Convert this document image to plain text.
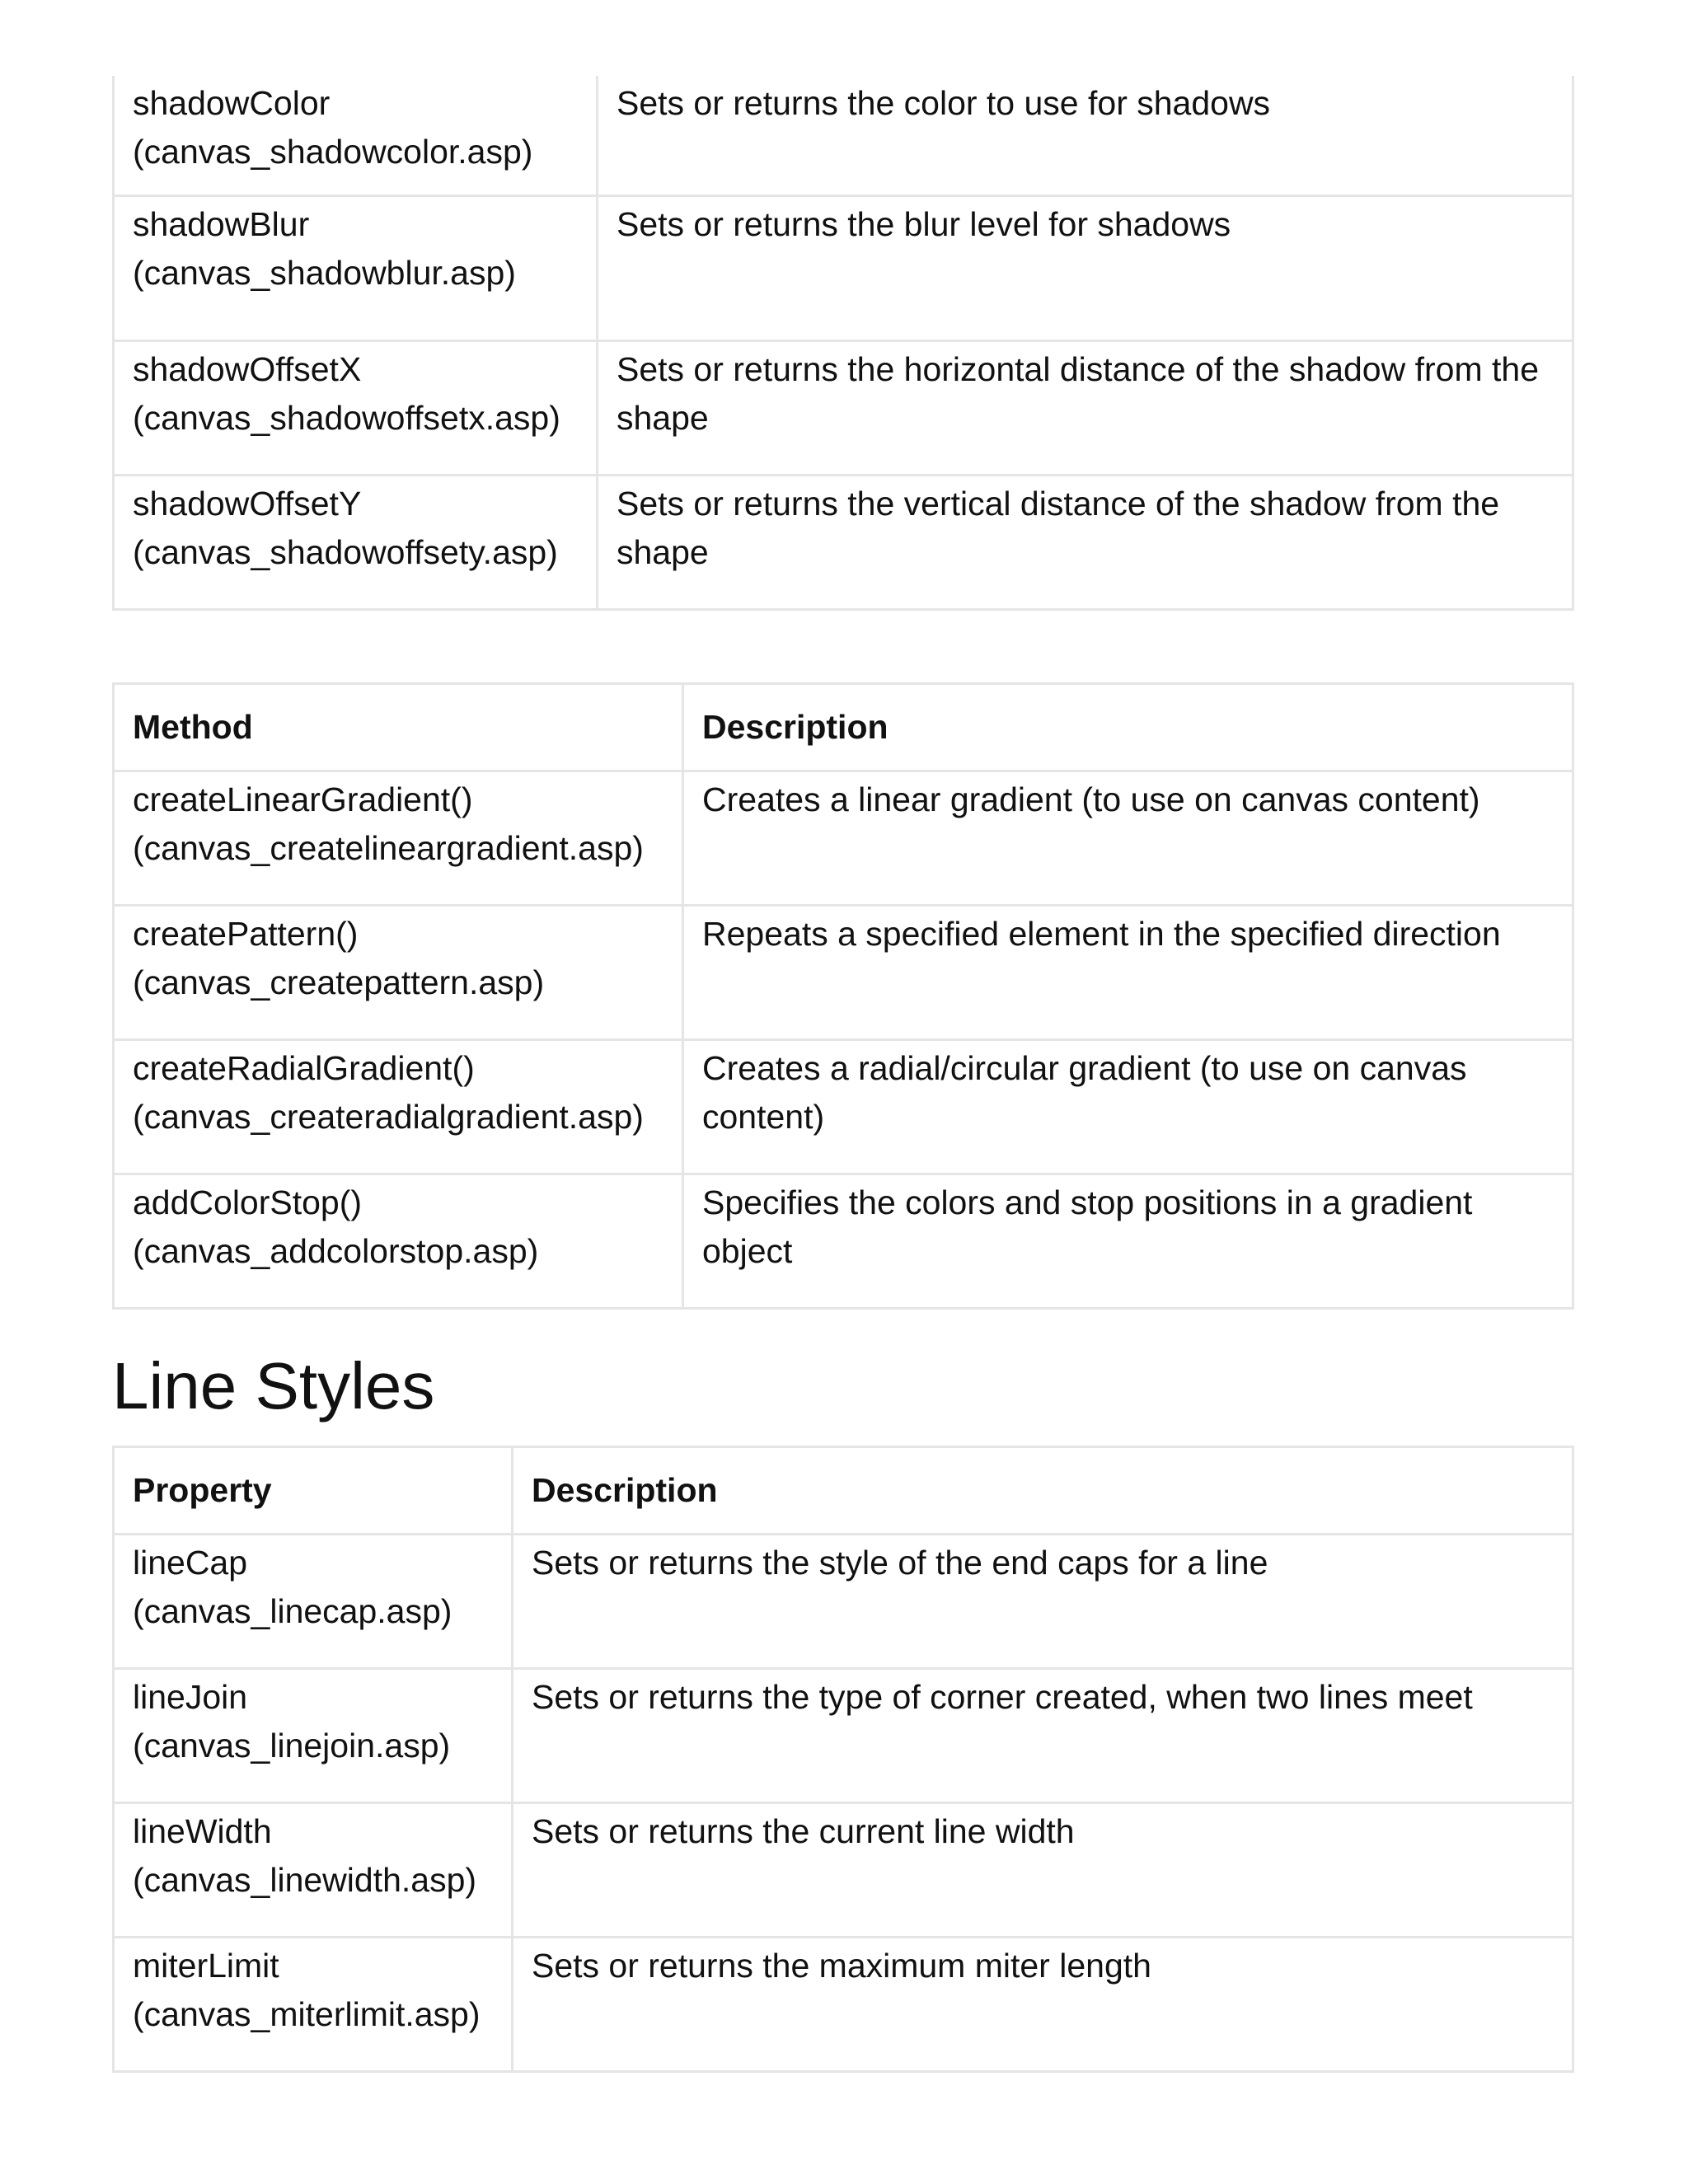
shadowColor
(canvas_shadowcolor.asp)	Sets or returns the color to use for shadows

shadowBlur
(canvas_shadowblur.asp)	Sets or returns the blur level for shadows

shadowOffsetX
(canvas_shadowoffsetx.asp)	Sets or returns the horizontal distance of the shadow from the shape

shadowOffsetY
(canvas_shadowoffsety.asp)	Sets or returns the vertical distance of the shadow from the shape
Method	Description

createLinearGradient()
(canvas_createlineargradient.asp)	Creates a linear gradient (to use on canvas content)

createPattern()
(canvas_createpattern.asp)	Repeats a specified element in the specified direction

createRadialGradient()
(canvas_createradialgradient.asp)	Creates a radial/circular gradient (to use on canvas content)

addColorStop()
(canvas_addcolorstop.asp)	Specifies the colors and stop positions in a gradient object
Line Styles
Property	Description

lineCap
(canvas_linecap.asp)	Sets or returns the style of the end caps for a line

lineJoin
(canvas_linejoin.asp)	Sets or returns the type of corner created, when two lines meet

lineWidth
(canvas_linewidth.asp)	Sets or returns the current line width

miterLimit
(canvas_miterlimit.asp)	Sets or returns the maximum miter length
